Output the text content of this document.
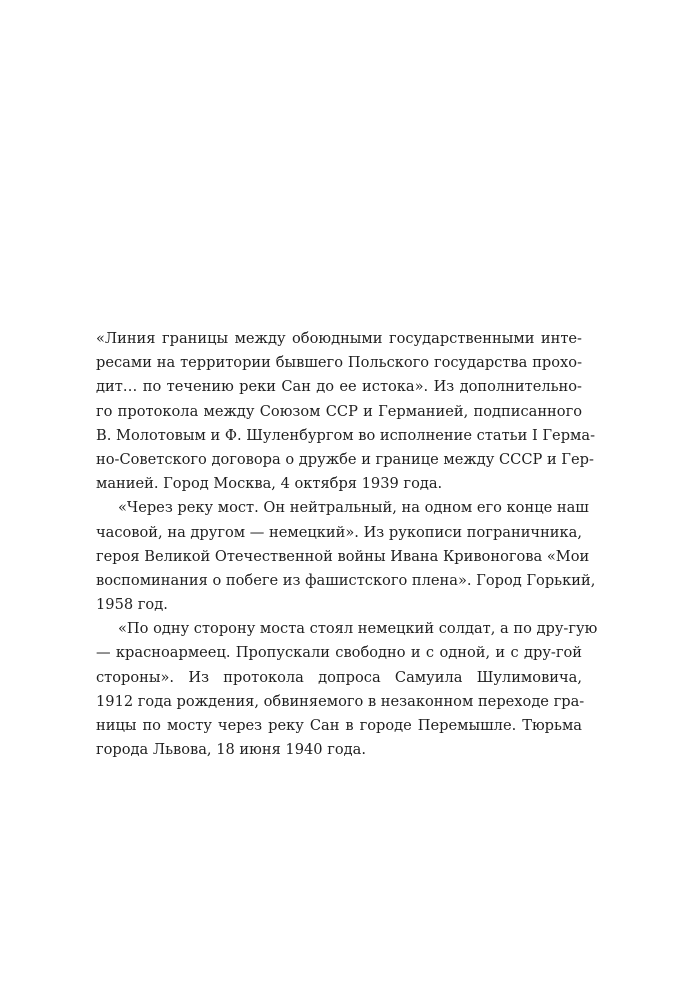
«Линия границы между обоюдными государственными инте-
ресами на территории бывшего Польского государства прохо-
дит… по течению реки Сан до ее истока». Из дополнительно-
го протокола между Союзом ССР и Германией, подписанного
В. Молотовым и Ф. Шуленбургом во исполнение статьи I Герма-
но-Советского договора о дружбе и границе между СССР и Гер-
манией. Город Москва, 4 октября 1939 года.
«Через реку мост. Он нейтральный, на одном его конце наш
часовой, на другом — немецкий». Из рукописи пограничника,
героя Великой Отечественной войны Ивана Кривоногова «Мои
воспоминания о побеге из фашистского плена». Город Горький,
1958 год.
«По одну сторону моста стоял немецкий солдат, а по дру-гую
— красноармеец. Пропускали свободно и с одной, и с дру-гой
стороны». Из протокола допроса Самуила Шулимовича,
1912 года рождения, обвиняемого в незаконном переходе гра-
ницы по мосту через реку Сан в городе Перемышле. Тюрьма
города Львова, 18 июня 1940 года.
